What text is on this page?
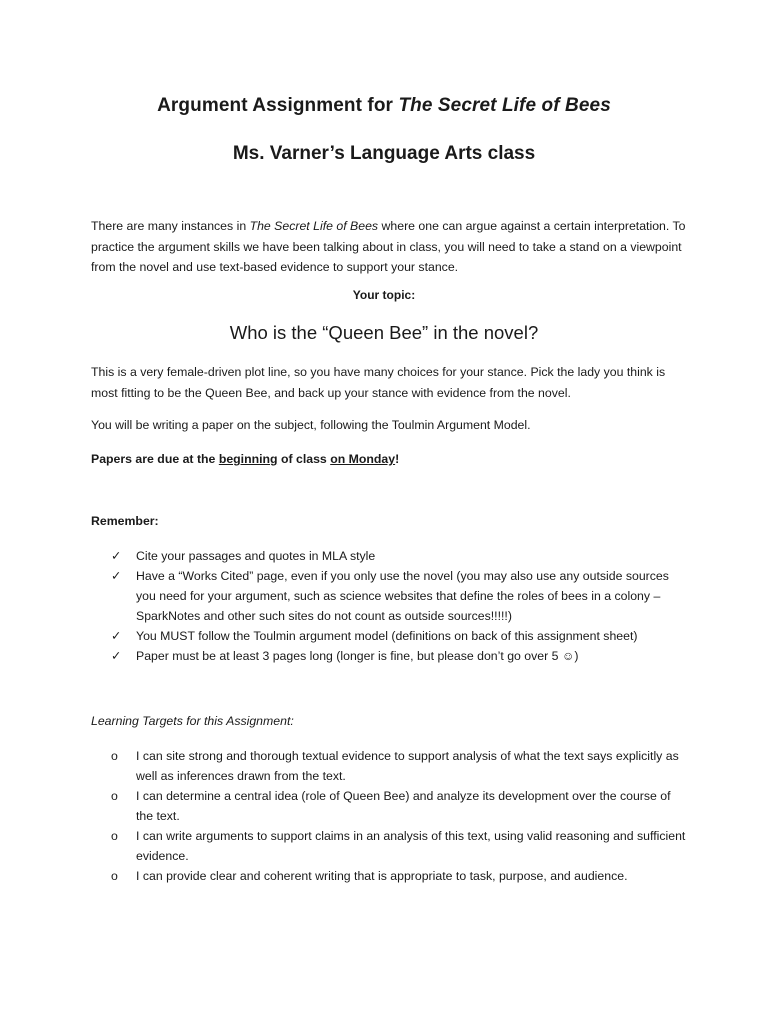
Argument Assignment for The Secret Life of Bees
Ms. Varner’s Language Arts class
There are many instances in The Secret Life of Bees where one can argue against a certain interpretation. To practice the argument skills we have been talking about in class, you will need to take a stand on a viewpoint from the novel and use text-based evidence to support your stance.
Your topic:
Who is the “Queen Bee” in the novel?
This is a very female-driven plot line, so you have many choices for your stance. Pick the lady you think is most fitting to be the Queen Bee, and back up your stance with evidence from the novel.
You will be writing a paper on the subject, following the Toulmin Argument Model.
Papers are due at the beginning of class on Monday!
Remember:
✓	Cite your passages and quotes in MLA style
✓	Have a “Works Cited” page, even if you only use the novel (you may also use any outside sources you need for your argument, such as science websites that define the roles of bees in a colony – SparkNotes and other such sites do not count as outside sources!!!!!)
✓	You MUST follow the Toulmin argument model (definitions on back of this assignment sheet)
✓	Paper must be at least 3 pages long (longer is fine, but please don’t go over 5 ☺)
Learning Targets for this Assignment:
o	I can site strong and thorough textual evidence to support analysis of what the text says explicitly as well as inferences drawn from the text.
o	I can determine a central idea (role of Queen Bee) and analyze its development over the course of the text.
o	I can write arguments to support claims in an analysis of this text, using valid reasoning and sufficient evidence.
o	I can provide clear and coherent writing that is appropriate to task, purpose, and audience.
